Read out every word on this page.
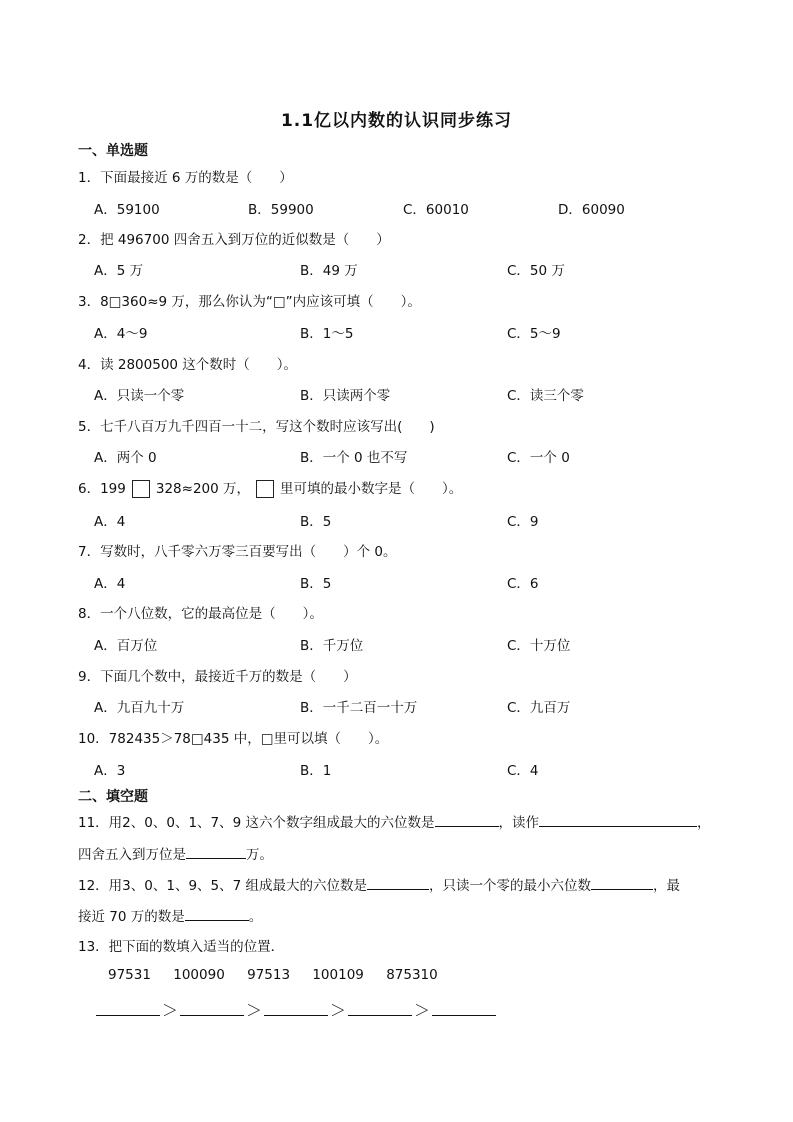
1.1亿以内数的认识同步练习
一、单选题
1．下面最接近 6 万的数是（　　）
A．59100	B．59900	C．60010	D．60090
2．把 496700 四舍五入到万位的近似数是（　　）
A．5 万	B．49 万	C．50 万
3．8□360≈9 万，那么你认为“□”内应该可填（　　）。
A．4～9	B．1～5	C．5～9
4．读 2800500 这个数时（　　）。
A．只读一个零	B．只读两个零	C．读三个零
5．七千八百万九千四百一十二，写这个数时应该写出(　　)
A．两个 0	B．一个 0 也不写	C．一个 0
6．199 328≈200 万， 里可填的最小数字是（　　）。
A．4	B．5	C．9
7．写数时，八千零六万零三百要写出（　　）个 0。
A．4	B．5	C．6
8．一个八位数，它的最高位是（　　）。
A．百万位	B．千万位	C．十万位
9．下面几个数中，最接近千万的数是（　　）
A．九百九十万	B．一千二百一十万	C．九百万
10．782435＞78□435 中，□里可以填（　　）。
A．3	B．1	C．4
二、填空题
11．用2、0、0、1、7、9 这六个数字组成最大的六位数是	，读作	，
四舍五入到万位是	万。
12．用3、0、1、9、5、7 组成最大的六位数是	，只读一个零的最小六位数	，最
接近 70 万的数是	。
13．把下面的数填入适当的位置．
97531 100090 97513 100109 875310
＞	＞	＞	＞
